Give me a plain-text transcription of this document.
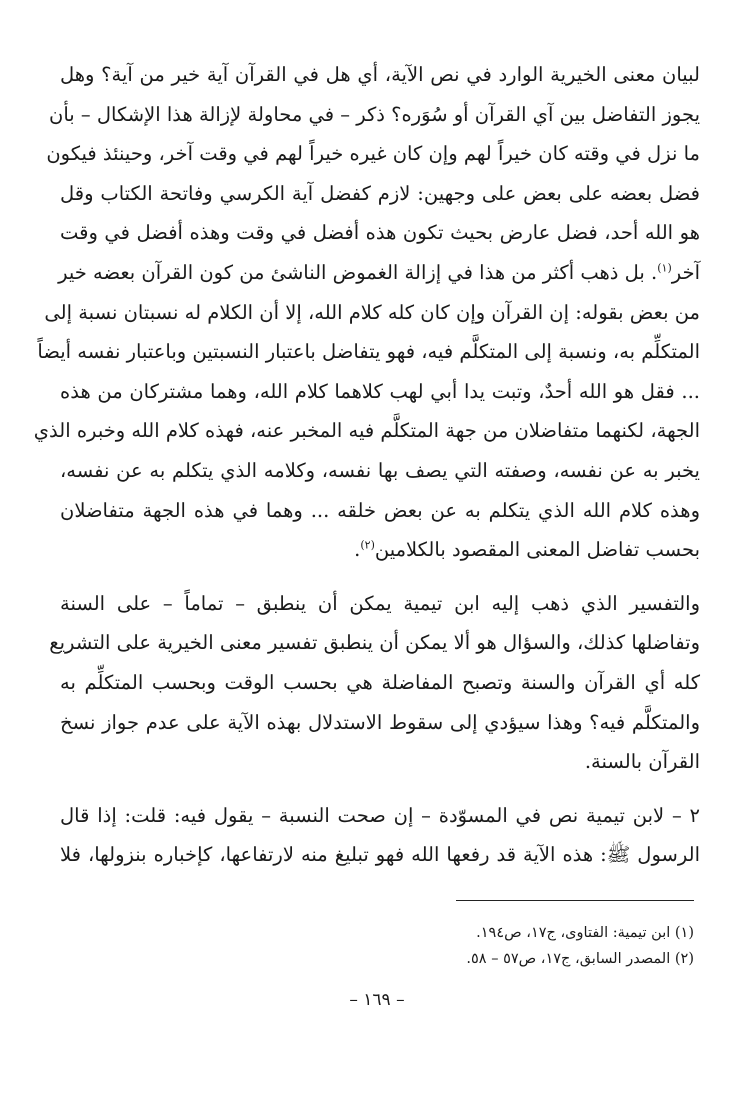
لبيان معنى الخيرية الوارد في نص الآية، أي هل في القرآن آية خير من آية؟ وهل
يجوز التفاضل بين آي القرآن أو سُوَره؟ ذكر – في محاولة لإزالة هذا الإشكال – بأن
ما نزل في وقته كان خيراً لهم وإن كان غيره خيراً لهم في وقت آخر، وحينئذ فيكون
فضل بعضه على بعض على وجهين: لازم كفضل آية الكرسي وفاتحة الكتاب وقل
هو الله أحد، فضل عارض بحيث تكون هذه أفضل في وقت وهذه أفضل في وقت
آخر$^{(١)}$. بل ذهب أكثر من هذا في إزالة الغموض الناشئ من كون القرآن بعضه خير
من بعض بقوله: إن القرآن وإن كان كله كلام الله، إلا أن الكلام له نسبتان نسبة إلى
المتكلِّم به، ونسبة إلى المتكلَّم فيه، فهو يتفاضل باعتبار النسبتين وباعتبار نفسه أيضاً
... فقل هو الله أحدٌ، وتبت يدا أبي لهب كلاهما كلام الله، وهما مشتركان من هذه
الجهة، لكنهما متفاضلان من جهة المتكلَّم فيه المخبر عنه، فهذه كلام الله وخبره الذي
يخبر به عن نفسه، وصفته التي يصف بها نفسه، وكلامه الذي يتكلم به عن نفسه،
وهذه كلام الله الذي يتكلم به عن بعض خلقه ... وهما في هذه الجهة متفاضلان
بحسب تفاضل المعنى المقصود بالكلامين$^{(٢)}$.
والتفسير الذي ذهب إليه ابن تيمية يمكن أن ينطبق – تماماً – على السنة
وتفاضلها كذلك، والسؤال هو ألا يمكن أن ينطبق تفسير معنى الخيرية على التشريع
كله أي القرآن والسنة وتصبح المفاضلة هي بحسب الوقت وبحسب المتكلِّم به
والمتكلَّم فيه؟ وهذا سيؤدي إلى سقوط الاستدلال بهذه الآية على عدم جواز نسخ
القرآن بالسنة.
٢ – لابن تيمية نص في المسوّدة – إن صحت النسبة – يقول فيه: قلت: إذا قال
الرسول ﷺ: هذه الآية قد رفعها الله فهو تبليغ منه لارتفاعها، كإخباره بنزولها، فلا
(١) ابن تيمية: الفتاوى، ج١٧، ص١٩٤.
(٢) المصدر السابق، ج١٧، ص٥٧ – ٥٨.
– ١٦٩ –
